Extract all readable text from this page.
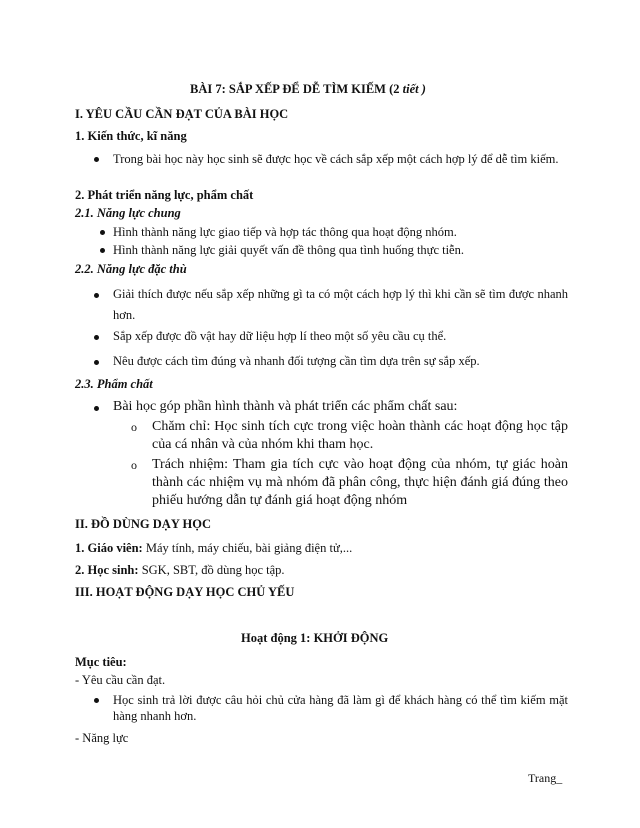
BÀI 7: SẮP XẾP ĐỂ DỄ TÌM KIẾM (2 tiết )
I. YÊU CẦU CẦN ĐẠT CỦA BÀI HỌC
1. Kiến thức, kĩ năng
Trong bài học này học sinh sẽ được học về cách sắp xếp một cách hợp lý để dễ tìm kiếm.
2. Phát triển năng lực, phẩm chất
2.1. Năng lực chung
Hình thành năng lực giao tiếp và hợp tác thông qua hoạt động nhóm.
Hình thành năng lực giải quyết vấn đề thông qua tình huống thực tiễn.
2.2. Năng lực đặc thù
Giải thích được nếu sắp xếp những gì ta có một cách hợp lý thì khi cần sẽ tìm được nhanh hơn.
Sắp xếp được đồ vật hay dữ liệu hợp lí theo một số yêu cầu cụ thể.
Nêu được cách tìm đúng và nhanh đối tượng cần tìm dựa trên sự sắp xếp.
2.3. Phẩm chất
Bài học góp phần hình thành và phát triển các phẩm chất sau:
o Chăm chỉ: Học sinh tích cực trong việc hoàn thành các hoạt động học tập của cá nhân và của nhóm khi tham học.
o Trách nhiệm: Tham gia tích cực vào hoạt động của nhóm, tự giác hoàn thành các nhiệm vụ mà nhóm đã phân công, thực hiện đánh giá đúng theo phiếu hướng dẫn tự đánh giá hoạt động nhóm
II. ĐỒ DÙNG DẠY HỌC
1. Giáo viên: Máy tính, máy chiếu, bài giảng điện tử,...
2. Học sinh: SGK, SBT, đồ dùng học tập.
III. HOẠT ĐỘNG DẠY HỌC CHỦ YẾU
Hoạt động 1: KHỞI ĐỘNG
Mục tiêu:
- Yêu cầu cần đạt.
Học sinh trả lời được câu hỏi chủ cửa hàng đã làm gì để khách hàng có thể tìm kiếm mặt hàng nhanh hơn.
- Năng lực
Trang_
